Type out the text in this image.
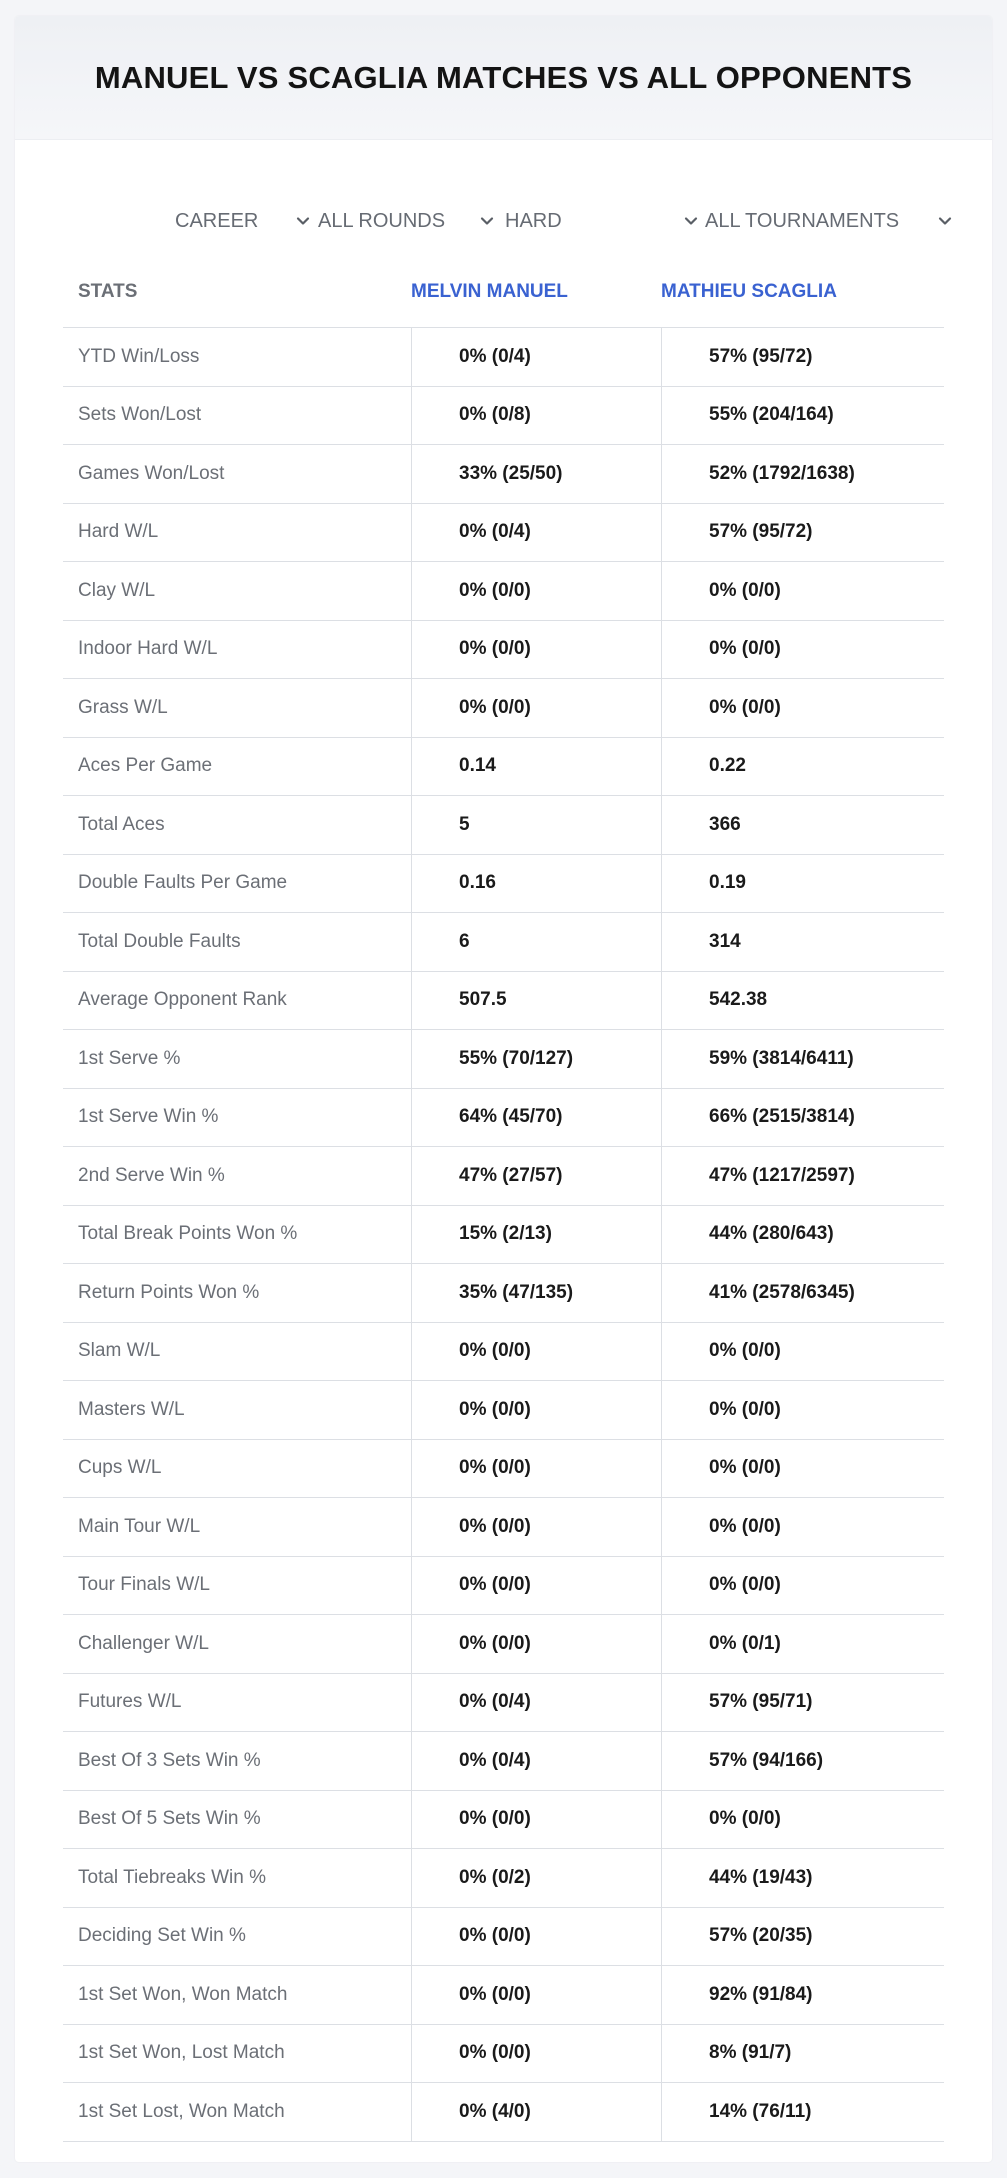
MANUEL VS SCAGLIA MATCHES VS ALL OPPONENTS
CAREER	ALL ROUNDS	HARD	ALL TOURNAMENTS
STATS	MELVIN MANUEL	MATHIEU SCAGLIA
YTD Win/Loss	0% (0/4)	57% (95/72)
Sets Won/Lost	0% (0/8)	55% (204/164)
Games Won/Lost	33% (25/50)	52% (1792/1638)
Hard W/L	0% (0/4)	57% (95/72)
Clay W/L	0% (0/0)	0% (0/0)
Indoor Hard W/L	0% (0/0)	0% (0/0)
Grass W/L	0% (0/0)	0% (0/0)
Aces Per Game	0.14	0.22
Total Aces	5	366
Double Faults Per Game	0.16	0.19
Total Double Faults	6	314
Average Opponent Rank	507.5	542.38
1st Serve %	55% (70/127)	59% (3814/6411)
1st Serve Win %	64% (45/70)	66% (2515/3814)
2nd Serve Win %	47% (27/57)	47% (1217/2597)
Total Break Points Won %	15% (2/13)	44% (280/643)
Return Points Won %	35% (47/135)	41% (2578/6345)
Slam W/L	0% (0/0)	0% (0/0)
Masters W/L	0% (0/0)	0% (0/0)
Cups W/L	0% (0/0)	0% (0/0)
Main Tour W/L	0% (0/0)	0% (0/0)
Tour Finals W/L	0% (0/0)	0% (0/0)
Challenger W/L	0% (0/0)	0% (0/1)
Futures W/L	0% (0/4)	57% (95/71)
Best Of 3 Sets Win %	0% (0/4)	57% (94/166)
Best Of 5 Sets Win %	0% (0/0)	0% (0/0)
Total Tiebreaks Win %	0% (0/2)	44% (19/43)
Deciding Set Win %	0% (0/0)	57% (20/35)
1st Set Won, Won Match	0% (0/0)	92% (91/84)
1st Set Won, Lost Match	0% (0/0)	8% (91/7)
1st Set Lost, Won Match	0% (4/0)	14% (76/11)
